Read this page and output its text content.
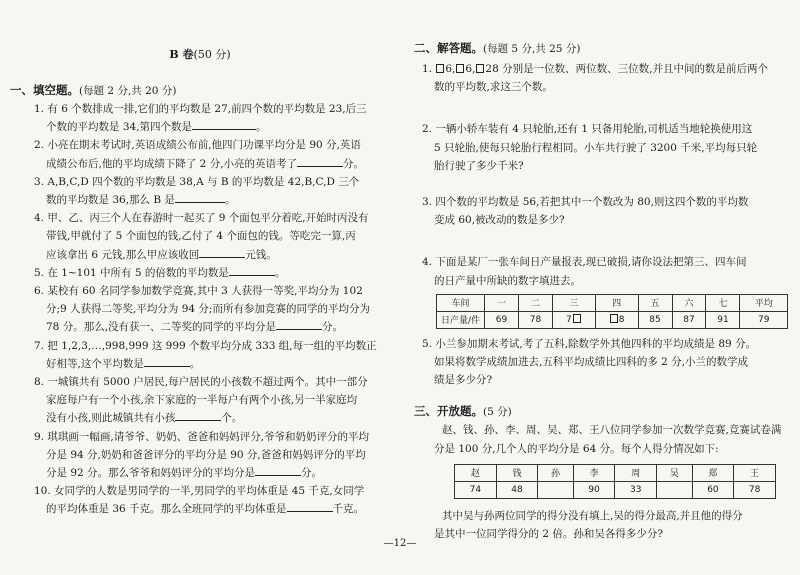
B 卷(50 分)
一、填空题。(每题 2 分,共 20 分)
1. 有 6 个数排成一排,它们的平均数是 27,前四个数的平均数是 23,后三
个数的平均数是 34,第四个数是	。
2. 小亮在期末考试时,英语成绩公布前,他四门功课平均分是 90 分,英语
成绩公布后,他的平均成绩下降了 2 分,小亮的英语考了	分。
3. A,B,C,D 四个数的平均数是 38,A 与 B 的平均数是 42,B,C,D 三个
数的平均数是 36,那么 B 是	。
4. 甲、乙、丙三个人在春游时一起买了 9 个面包平分着吃,开始时丙没有
带钱,甲就付了 5 个面包的钱,乙付了 4 个面包的钱。等吃完一算,丙
应该拿出 6 元钱,那么甲应该收回	元钱。
5. 在 1~101 中所有 5 的倍数的平均数是	。
6. 某校有 60 名同学参加数学竞赛,其中 3 人获得一等奖,平均分为 102
分;9 人获得二等奖,平均分为 94 分;而所有参加竞赛的同学的平均分为
78 分。那么,没有获一、二等奖的同学的平均分是	分。
7. 把 1,2,3,…,998,999 这 999 个数平均分成 333 组,每一组的平均数正
好相等,这个平均数是	。
8. 一城镇共有 5000 户居民,每户居民的小孩数不超过两个。其中一部分
家庭每户有一个小孩,余下家庭的一半每户有两个小孩,另一半家庭均
没有小孩,则此城镇共有小孩	个。
9. 琪琪画一幅画,请爷爷、奶奶、爸爸和妈妈评分,爷爷和奶奶评分的平均
分是 94 分,奶奶和爸爸评分的平均分是 90 分,爸爸和妈妈评分的平均
分是 92 分。那么爷爷和妈妈评分的平均分是	分。
10. 女同学的人数是男同学的一半,男同学的平均体重是 45 千克,女同学
的平均体重是 36 千克。那么全班同学的平均体重是	千克。
二、解答题。(每题 5 分,共 25 分)
1. 6, 6, 28 分别是一位数、两位数、三位数,并且中间的数是前后两个
数的平均数,求这三个数。
2. 一辆小轿车装有 4 只轮胎,还有 1 只备用轮胎,司机适当地轮换使用这
5 只轮胎,使每只轮胎行程相同。小车共行驶了 3200 千米,平均每只轮
胎行驶了多少千米?
3. 四个数的平均数是 56,若把其中一个数改为 80,则这四个数的平均数
变成 60,被改动的数是多少?
4. 下面是某厂一张车间日产量报表,现已破损,请你设法把第三、四车间
的日产量中所缺的数字填进去。
车间	一	二	三	四	五	六	七	平均
日产量/件	69	78	7	8	85	87	91	79
5. 小兰参加期末考试,考了五科,除数学外其他四科的平均成绩是 89 分。
如果将数学成绩加进去,五科平均成绩比四科的多 2 分,小兰的数学成
绩是多少分?
三、开放题。(5 分)
赵、钱、孙、李、周、吴、郑、王八位同学参加一次数学竞赛,竞赛试卷满
分是 100 分,几个人的平均分是 64 分。每个人得分情况如下:
赵	钱	孙	李	周	吴	郑	王
74	48		90	33		60	78
其中吴与孙两位同学的得分没有填上,吴的得分最高,并且他的得分
是其中一位同学得分的 2 倍。孙和吴各得多少分?
—12—
